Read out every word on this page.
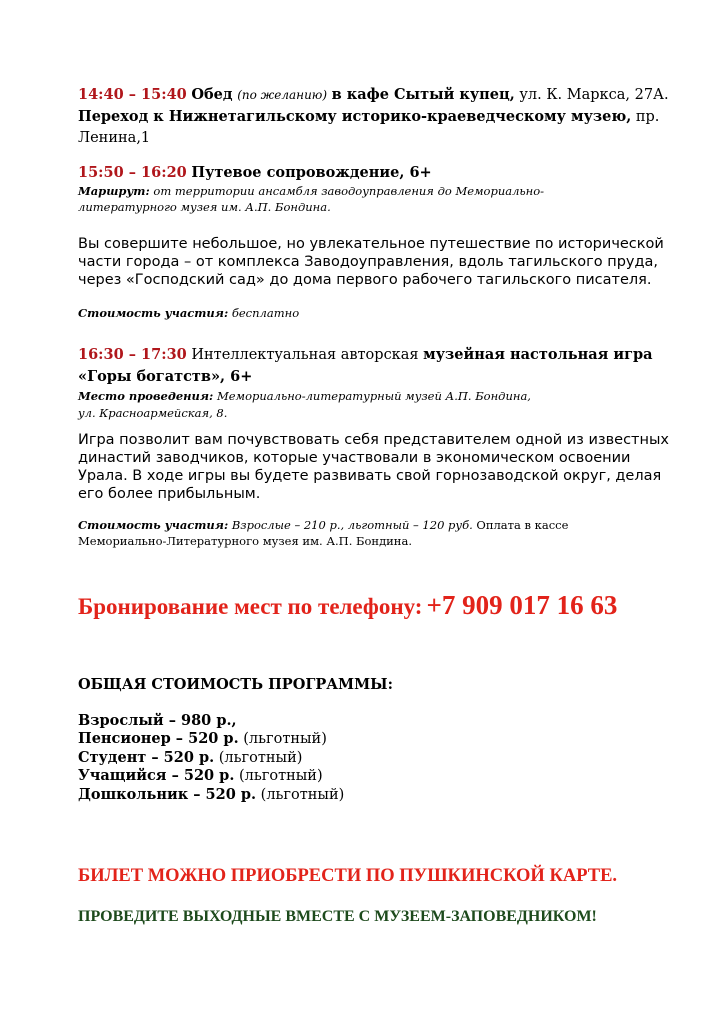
14:40 – 15:40 Обед (по желанию) в кафе Сытый купец, ул. К. Маркса, 27А.
Переход к Нижнетагильскому историко-краеведческому музею, пр.
Ленина,1
15:50 – 16:20 Путевое сопровождение, 6+
Маршрут: от территории ансамбля заводоуправления до Мемориально-
литературного музея им. А.П. Бондина.
Вы совершите небольшое, но увлекательное путешествие по исторической
части города – от комплекса Заводоуправления, вдоль тагильского пруда,
через «Господский сад» до дома первого рабочего тагильского писателя.
Стоимость участия: бесплатно
16:30 – 17:30 Интеллектуальная авторская музейная настольная игра
«Горы богатств», 6+
Место проведения: Мемориально-литературный музей А.П. Бондина,
ул. Красноармейская, 8.
Игра позволит вам почувствовать себя представителем одной из известных
династий заводчиков, которые участвовали в экономическом освоении
Урала. В ходе игры вы будете развивать свой горнозаводской округ, делая
его более прибыльным.
Стоимость участия: Взрослые – 210 р., льготный – 120 руб. Оплата в кассе
Мемориально-Литературного музея им. А.П. Бондина.
Бронирование мест по телефону: +7 909 017 16 63
ОБЩАЯ СТОИМОСТЬ ПРОГРАММЫ:
Взрослый – 980 р.,
Пенсионер – 520 р. (льготный)
Студент – 520 р. (льготный)
Учащийся – 520 р. (льготный)
Дошкольник – 520 р. (льготный)
БИЛЕТ МОЖНО ПРИОБРЕСТИ ПО ПУШКИНСКОЙ КАРТЕ.
ПРОВЕДИТЕ ВЫХОДНЫЕ ВМЕСТЕ С МУЗЕЕМ-ЗАПОВЕДНИКОМ!
